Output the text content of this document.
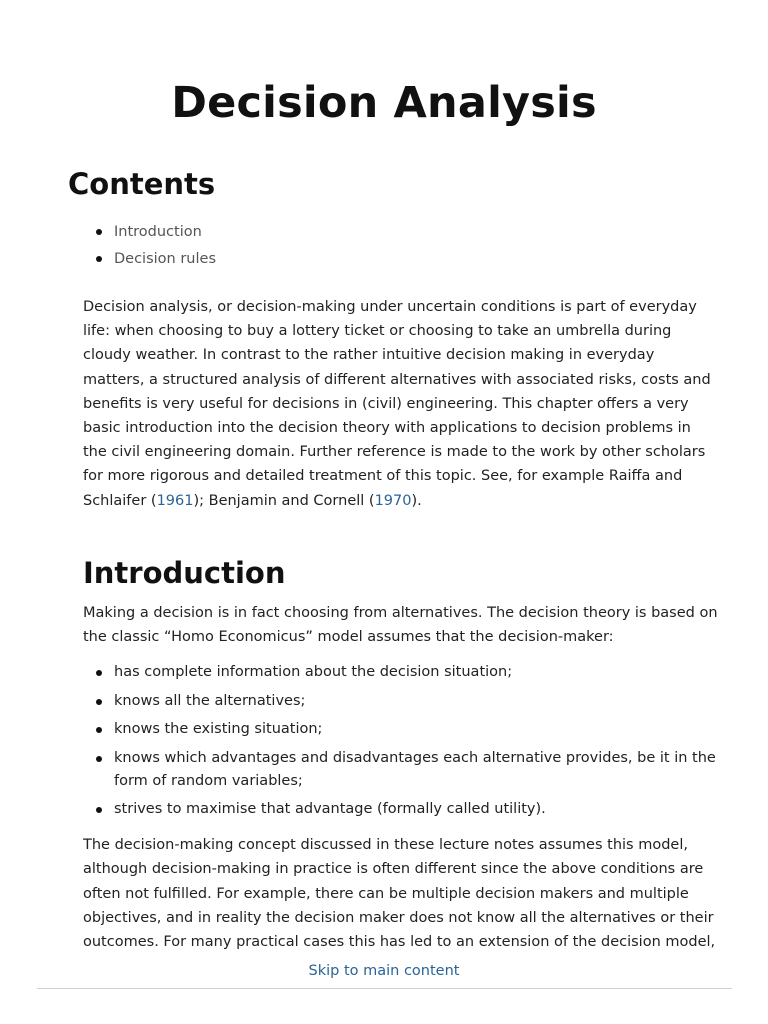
Decision Analysis
Contents
Introduction
Decision rules

Decision analysis, or decision-making under uncertain conditions is part of everyday life: when choosing to buy a lottery ticket or choosing to take an umbrella during cloudy weather. In contrast to the rather intuitive decision making in everyday matters, a structured analysis of different alternatives with associated risks, costs and benefits is very useful for decisions in (civil) engineering. This chapter offers a very basic introduction into the decision theory with applications to decision problems in the civil engineering domain. Further reference is made to the work by other scholars for more rigorous and detailed treatment of this topic. See, for example Raiffa and Schlaifer (1961); Benjamin and Cornell (1970).

Introduction

Making a decision is in fact choosing from alternatives. The decision theory is based on the classic “Homo Economicus” model assumes that the decision-maker:

has complete information about the decision situation;
knows all the alternatives;
knows the existing situation;
knows which advantages and disadvantages each alternative provides, be it in the form of random variables;
strives to maximise that advantage (formally called utility).

The decision-making concept discussed in these lecture notes assumes this model, although decision-making in practice is often different since the above conditions are often not fulfilled. For example, there can be multiple decision makers and multiple objectives, and in reality the decision maker does not know all the alternatives or their outcomes. For many practical cases this has led to an extension of the decision model,

Skip to main content
